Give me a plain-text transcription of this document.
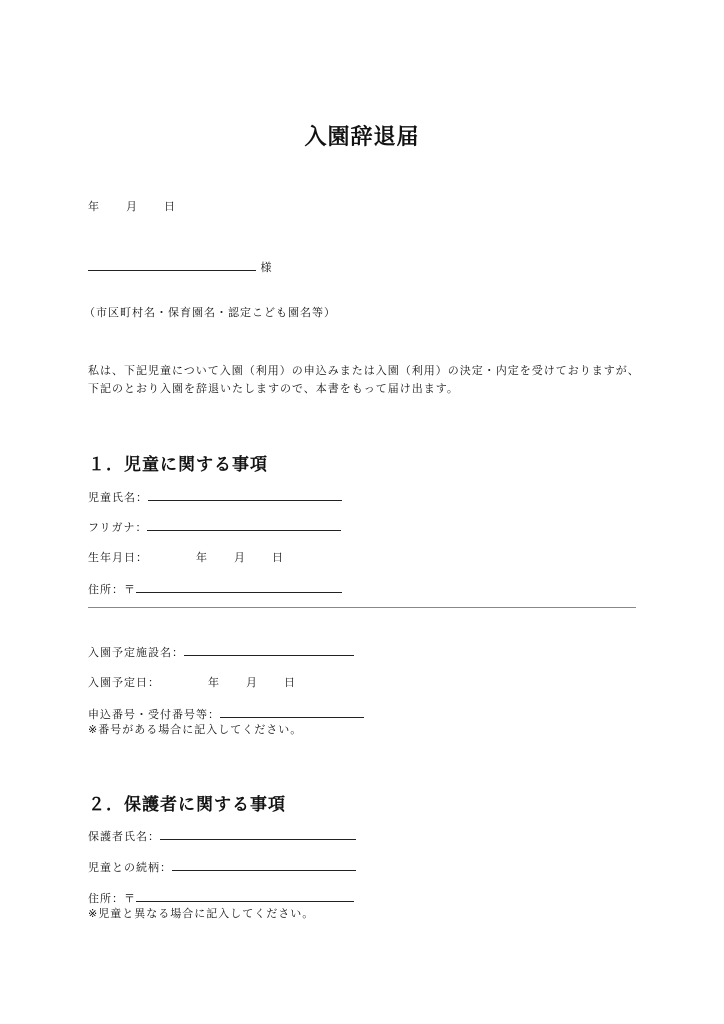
入園辞退届
年 月 日
様
（市区町村名・保育園名・認定こども園名等）
私は、下記児童について入園（利用）の申込みまたは入園（利用）の決定・内定を受けておりますが、
下記のとおり入園を辞退いたしますので、本書をもって届け出ます。
１．児童に関する事項
児童氏名：
フリガナ：
生年月日：	年 月 日
住所：〒
入園予定施設名：
入園予定日：	年 月 日
申込番号・受付番号等：
※番号がある場合に記入してください。
２．保護者に関する事項
保護者氏名：
児童との続柄：
住所：〒
※児童と異なる場合に記入してください。
